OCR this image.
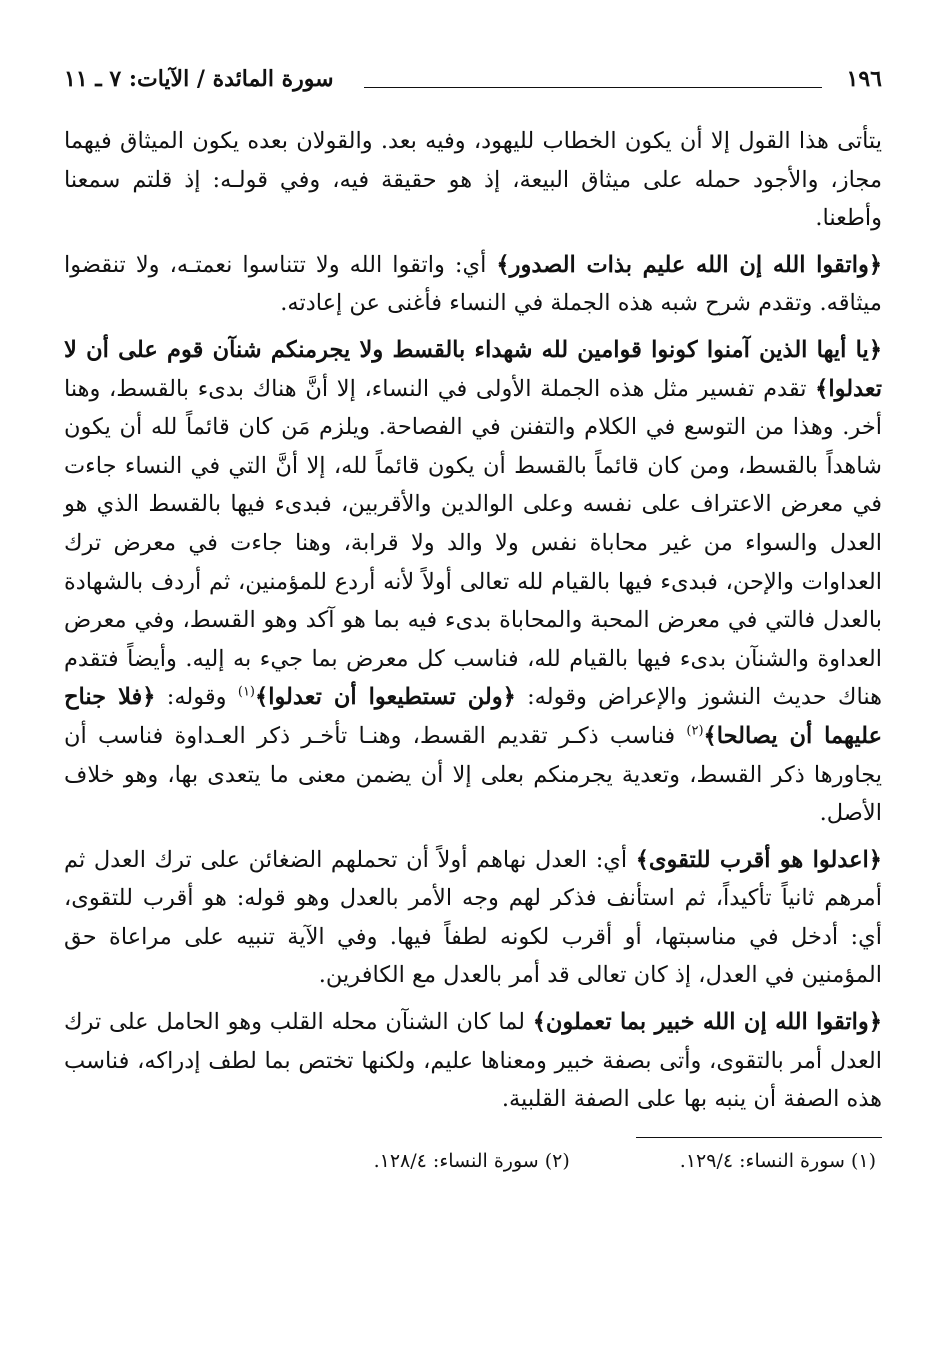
١٩٦
سورة المائدة / الآيات: ٧ ـ ١١

يتأتى هذا القول إلا أن يكون الخطاب لليهود، وفيه بعد. والقولان بعده يكون الميثاق فيهما مجاز، والأجود حمله على ميثاق البيعة، إذ هو حقيقة فيه، وفي قولـه: إذ قلتم سمعنا وأطعنا.

﴿واتقوا الله إن الله عليم بذات الصدور﴾ أي: واتقوا الله ولا تتناسوا نعمتـه، ولا تنقضوا ميثاقه. وتقدم شرح شبه هذه الجملة في النساء فأغنى عن إعادته.

﴿يا أيها الذين آمنوا كونوا قوامين لله شهداء بالقسط ولا يجرمنكم شنآن قوم على أن لا تعدلوا﴾ تقدم تفسير مثل هذه الجملة الأولى في النساء، إلا أنَّ هناك بدىء بالقسط، وهنا أخر. وهذا من التوسع في الكلام والتفنن في الفصاحة. ويلزم مَن كان قائماً لله أن يكون شاهداً بالقسط، ومن كان قائماً بالقسط أن يكون قائماً لله، إلا أنَّ التي في النساء جاءت في معرض الاعتراف على نفسه وعلى الوالدين والأقربين، فبدىء فيها بالقسط الذي هو العدل والسواء من غير محاباة نفس ولا والد ولا قرابة، وهنا جاءت في معرض ترك العداوات والإحن، فبدىء فيها بالقيام لله تعالى أولاً لأنه أردع للمؤمنين، ثم أردف بالشهادة بالعدل فالتي في معرض المحبة والمحاباة بدىء فيه بما هو آكد وهو القسط، وفي معرض العداوة والشنآن بدىء فيها بالقيام لله، فناسب كل معرض بما جيء به إليه. وأيضاً فتقدم هناك حديث النشوز والإعراض وقوله: ﴿ولن تستطيعوا أن تعدلوا﴾$^{(١)}$ وقوله: ﴿فلا جناح عليهما أن يصالحا﴾$^{(٢)}$ فناسب ذكـر تقديم القسط، وهنـا تأخـر ذكر العـداوة فناسب أن يجاورها ذكر القسط، وتعدية يجرمنكم بعلى إلا أن يضمن معنى ما يتعدى بها، وهو خلاف الأصل.

﴿اعدلوا هو أقرب للتقوى﴾ أي: العدل نهاهم أولاً أن تحملهم الضغائن على ترك العدل ثم أمرهم ثانياً تأكيداً، ثم استأنف فذكر لهم وجه الأمر بالعدل وهو قوله: هو أقرب للتقوى، أي: أدخل في مناسبتها، أو أقرب لكونه لطفاً فيها. وفي الآية تنبيه على مراعاة حق المؤمنين في العدل، إذ كان تعالى قد أمر بالعدل مع الكافرين.

﴿واتقوا الله إن الله خبير بما تعملون﴾ لما كان الشنآن محله القلب وهو الحامل على ترك العدل أمر بالتقوى، وأتى بصفة خبير ومعناها عليم، ولكنها تختص بما لطف إدراكه، فناسب هذه الصفة أن ينبه بها على الصفة القلبية.

(١) سورة النساء: ١٢٩/٤.
(٢) سورة النساء: ١٢٨/٤.
